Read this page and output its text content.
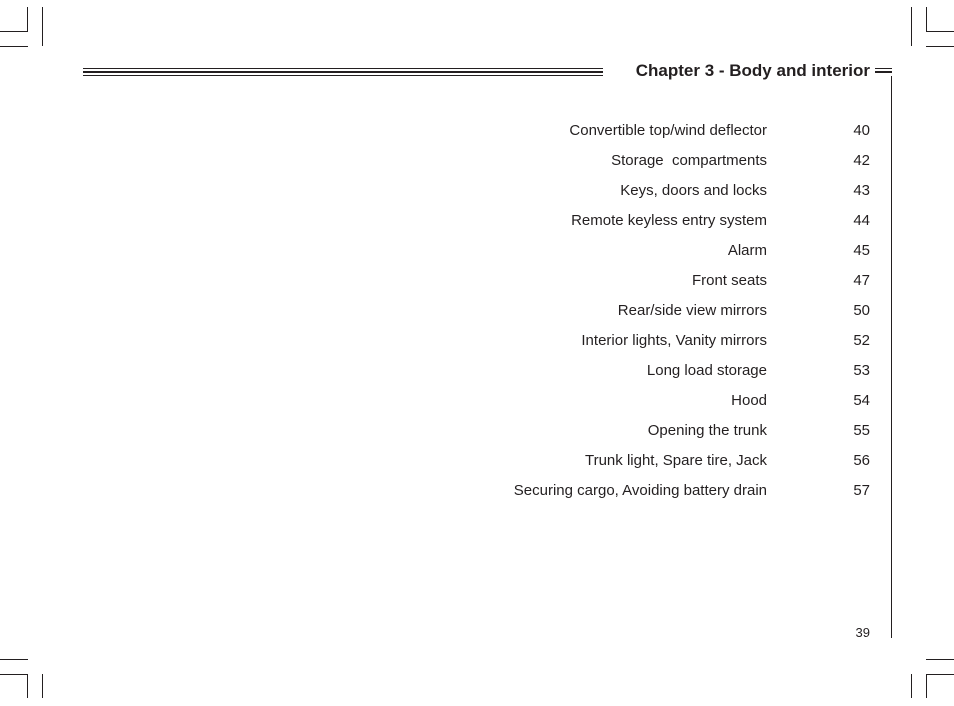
Chapter 3 - Body and interior
Convertible top/wind deflector	40
Storage  compartments	42
Keys, doors and locks	43
Remote keyless entry system	44
Alarm	45
Front seats	47
Rear/side view mirrors	50
Interior lights, Vanity mirrors	52
Long load storage	53
Hood	54
Opening the trunk	55
Trunk light, Spare tire, Jack	56
Securing cargo, Avoiding battery drain	57
39
